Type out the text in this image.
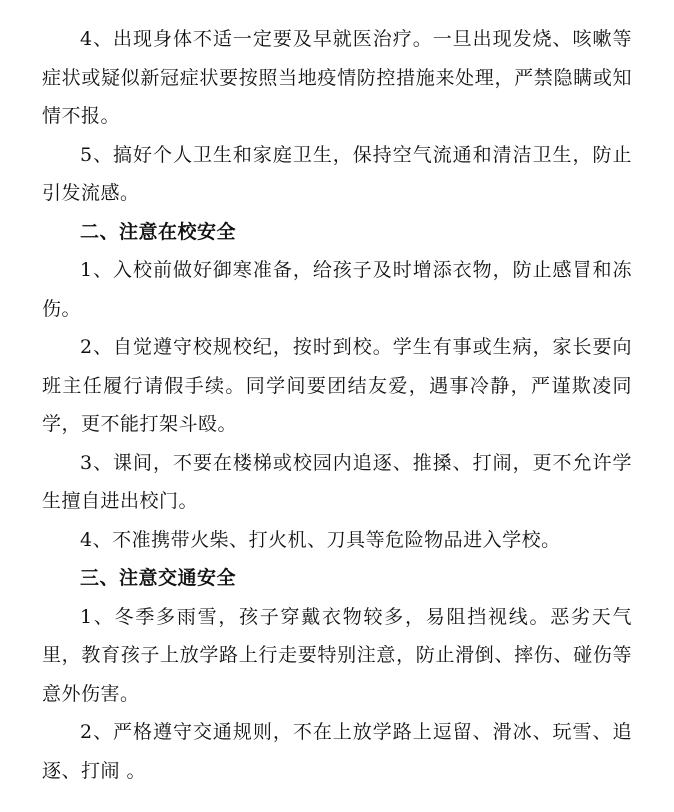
4、出现身体不适一定要及早就医治疗。一旦出现发烧、咳嗽等症状或疑似新冠症状要按照当地疫情防控措施来处理，严禁隐瞒或知情不报。

5、搞好个人卫生和家庭卫生，保持空气流通和清洁卫生，防止引发流感。

二、注意在校安全

1、入校前做好御寒准备，给孩子及时增添衣物，防止感冒和冻伤。

2、自觉遵守校规校纪，按时到校。学生有事或生病，家长要向班主任履行请假手续。同学间要团结友爱，遇事冷静，严谨欺凌同学，更不能打架斗殴。

3、课间，不要在楼梯或校园内追逐、推搡、打闹，更不允许学生擅自进出校门。

4、不准携带火柴、打火机、刀具等危险物品进入学校。

三、注意交通安全

1、冬季多雨雪，孩子穿戴衣物较多，易阻挡视线。恶劣天气里，教育孩子上放学路上行走要特别注意，防止滑倒、摔伤、碰伤等意外伤害。

2、严格遵守交通规则，不在上放学路上逗留、滑冰、玩雪、追逐、打闹 。
